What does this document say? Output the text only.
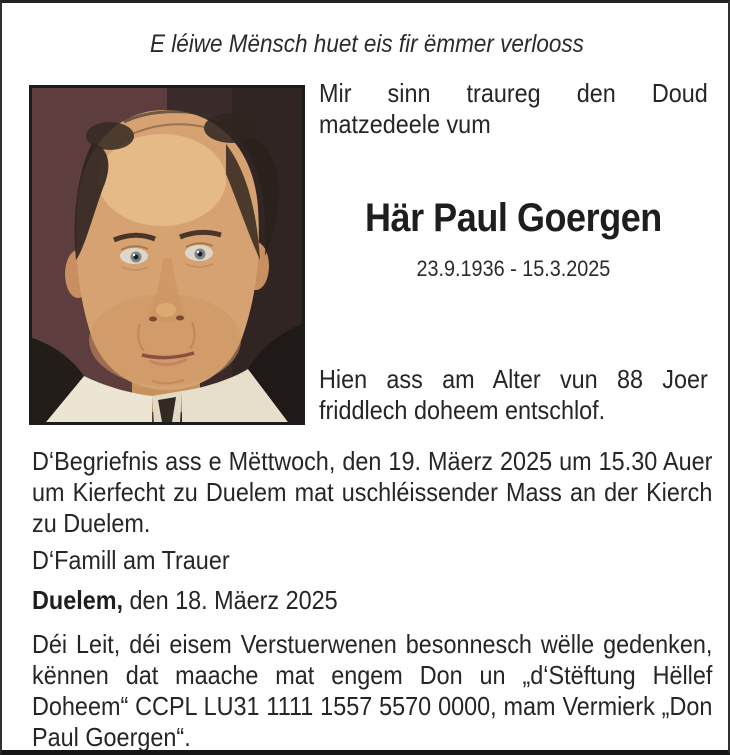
E léiwe Mënsch huet eis fir ëmmer verlooss

Mir sinn traureg den Doud matzedeele vum

Här Paul Goergen
23.9.1936 - 15.3.2025

Hien ass am Alter vun 88 Joer friddlech doheem entschlof.

D‘Begriefnis ass e Mëttwoch, den 19. Mäerz 2025 um 15.30 Auer um Kierfecht zu Duelem mat uschléissender Mass an der Kierch zu Duelem.

D‘Famill am Trauer

Duelem, den 18. Mäerz 2025

Déi Leit, déi eisem Verstuerwenen besonnesch wëlle gedenken, kënnen dat maache mat engem Don un „d‘Stëftung Hëllef Doheem“ CCPL LU31 1111 1557 5570 0000, mam Vermierk „Don Paul Goergen“.
